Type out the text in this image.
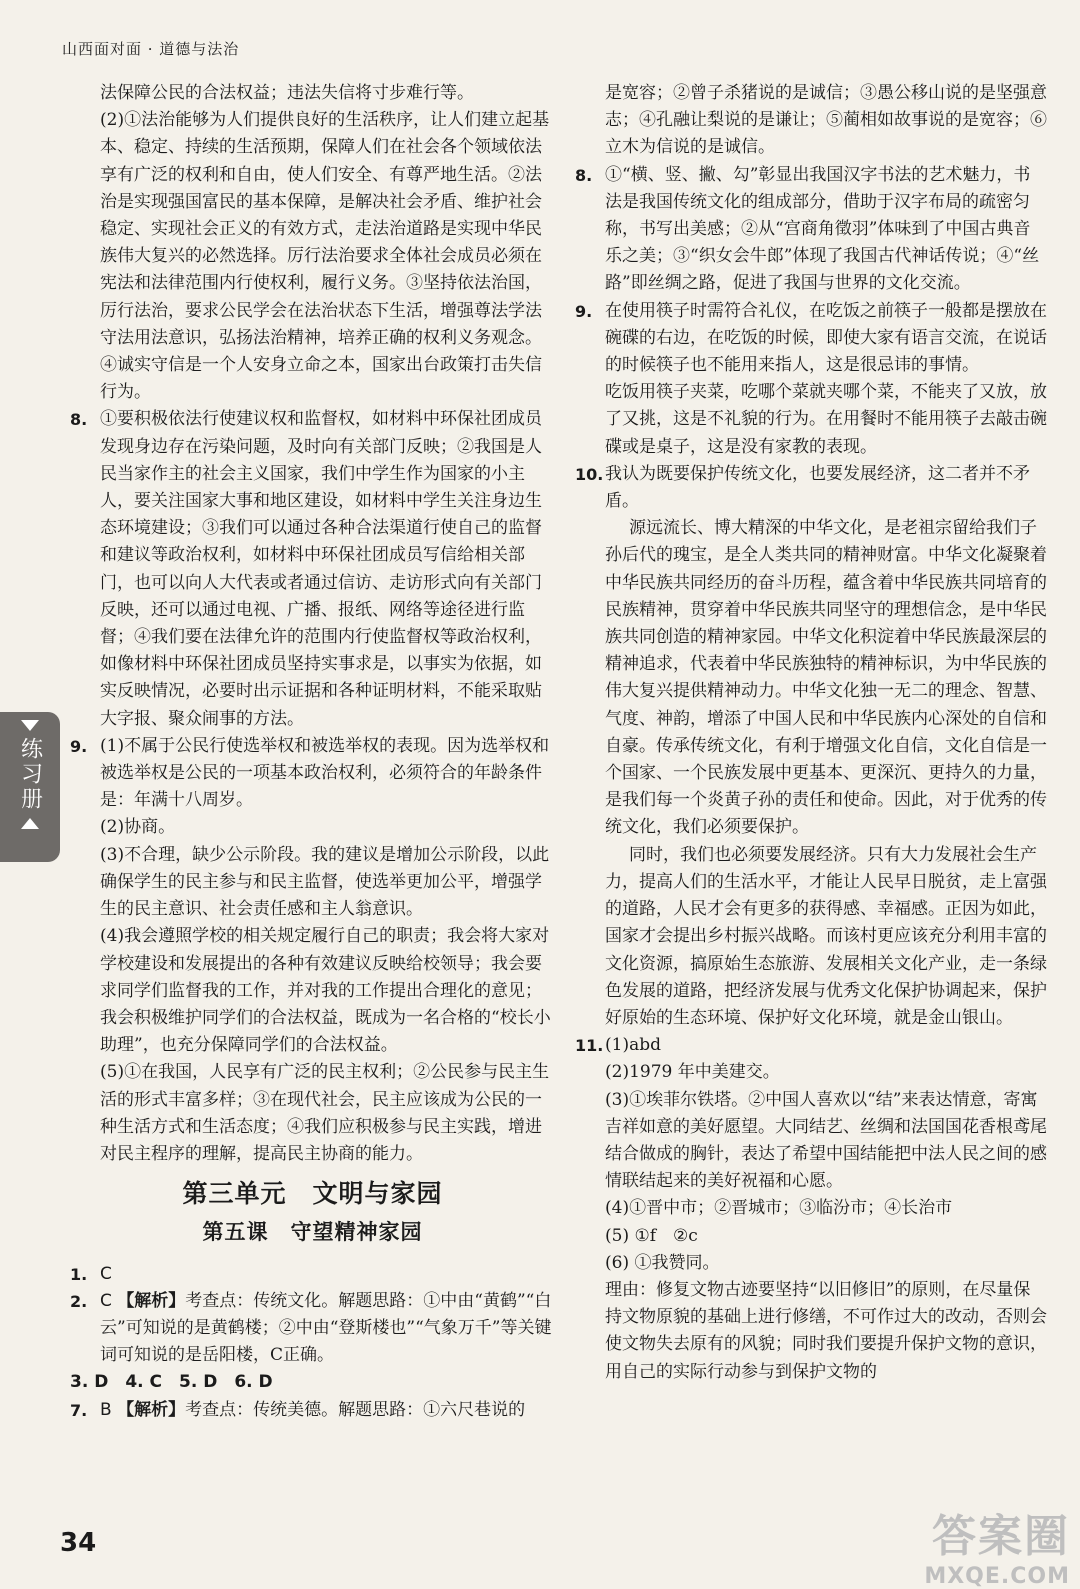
山西面对面 · 道德与法治

法保障公民的合法权益；违法失信将寸步难行等。

(2)①法治能够为人们提供良好的生活秩序，让人们建立起基本、稳定、持续的生活预期，保障人们在社会各个领域依法享有广泛的权利和自由，使人们安全、有尊严地生活。②法治是实现强国富民的基本保障，是解决社会矛盾、维护社会稳定、实现社会正义的有效方式，走法治道路是实现中华民族伟大复兴的必然选择。厉行法治要求全体社会成员必须在宪法和法律范围内行使权利，履行义务。③坚持依法治国，厉行法治，要求公民学会在法治状态下生活，增强尊法学法守法用法意识，弘扬法治精神，培养正确的权利义务观念。④诚实守信是一个人安身立命之本，国家出台政策打击失信行为。

8. ①要积极依法行使建议权和监督权，如材料中环保社团成员发现身边存在污染问题，及时向有关部门反映；②我国是人民当家作主的社会主义国家，我们中学生作为国家的小主人，要关注国家大事和地区建设，如材料中学生关注身边生态环境建设；③我们可以通过各种合法渠道行使自己的监督和建议等政治权利，如材料中环保社团成员写信给相关部门，也可以向人大代表或者通过信访、走访形式向有关部门反映，还可以通过电视、广播、报纸、网络等途径进行监督；④我们要在法律允许的范围内行使监督权等政治权利，如像材料中环保社团成员坚持实事求是，以事实为依据，如实反映情况，必要时出示证据和各种证明材料，不能采取贴大字报、聚众闹事的方法。
9. (1)不属于公民行使选举权和被选举权的表现。因为选举权和被选举权是公民的一项基本政治权利，必须符合的年龄条件是：年满十八周岁。
(2)协商。
(3)不合理，缺少公示阶段。我的建议是增加公示阶段，以此确保学生的民主参与和民主监督，使选举更加公平，增强学生的民主意识、社会责任感和主人翁意识。
(4)我会遵照学校的相关规定履行自己的职责；我会将大家对学校建设和发展提出的各种有效建议反映给校领导；我会要求同学们监督我的工作，并对我的工作提出合理化的意见；我会积极维护同学们的合法权益，既成为一名合格的“校长小助理”，也充分保障同学们的合法权益。
(5)①在我国，人民享有广泛的民主权利；②公民参与民主生活的形式丰富多样；③在现代社会，民主应该成为公民的一种生活方式和生活态度；④我们应积极参与民主实践，增进对民主程序的理解，提高民主协商的能力。
第三单元　文明与家园
第五课　守望精神家园
1. C
2. C 【解析】考查点：传统文化。解题思路：①中由“黄鹤”“白云”可知说的是黄鹤楼；②中由“登斯楼也”“气象万千”等关键词可知说的是岳阳楼，C正确。
3. D　4. C　5. D　6. D
7. B 【解析】考查点：传统美德。解题思路：①六尺巷说的

是宽容；②曾子杀猪说的是诚信；③愚公移山说的是坚强意志；④孔融让梨说的是谦让；⑤蔺相如故事说的是宽容；⑥立木为信说的是诚信。

8. ①“横、竖、撇、勾”彰显出我国汉字书法的艺术魅力，书法是我国传统文化的组成部分，借助于汉字布局的疏密匀称，书写出美感；②从“宫商角徵羽”体味到了中国古典音乐之美；③“织女会牛郎”体现了我国古代神话传说；④“丝路”即丝绸之路，促进了我国与世界的文化交流。
9. 在使用筷子时需符合礼仪，在吃饭之前筷子一般都是摆放在碗碟的右边，在吃饭的时候，即使大家有语言交流，在说话的时候筷子也不能用来指人，这是很忌讳的事情。
吃饭用筷子夹菜，吃哪个菜就夹哪个菜，不能夹了又放，放了又挑，这是不礼貌的行为。在用餐时不能用筷子去敲击碗碟或是桌子，这是没有家教的表现。
10. 我认为既要保护传统文化，也要发展经济，这二者并不矛盾。
源远流长、博大精深的中华文化，是老祖宗留给我们子孙后代的瑰宝，是全人类共同的精神财富。中华文化凝聚着中华民族共同经历的奋斗历程，蕴含着中华民族共同培育的民族精神，贯穿着中华民族共同坚守的理想信念，是中华民族共同创造的精神家园。中华文化积淀着中华民族最深层的精神追求，代表着中华民族独特的精神标识，为中华民族的伟大复兴提供精神动力。中华文化独一无二的理念、智慧、气度、神韵，增添了中国人民和中华民族内心深处的自信和自豪。传承传统文化，有利于增强文化自信，文化自信是一个国家、一个民族发展中更基本、更深沉、更持久的力量，是我们每一个炎黄子孙的责任和使命。因此，对于优秀的传统文化，我们必须要保护。
同时，我们也必须要发展经济。只有大力发展社会生产力，提高人们的生活水平，才能让人民早日脱贫，走上富强的道路，人民才会有更多的获得感、幸福感。正因为如此，国家才会提出乡村振兴战略。而该村更应该充分利用丰富的文化资源，搞原始生态旅游、发展相关文化产业，走一条绿色发展的道路，把经济发展与优秀文化保护协调起来，保护好原始的生态环境、保护好文化环境，就是金山银山。
11. (1)abd
(2)1979 年中美建交。
(3)①埃菲尔铁塔。②中国人喜欢以“结”来表达情意，寄寓吉祥如意的美好愿望。大同结艺、丝绸和法国国花香根鸢尾结合做成的胸针，表达了希望中国结能把中法人民之间的感情联结起来的美好祝福和心愿。
(4)①晋中市；②晋城市；③临汾市；④长治市
(5) ①f　②c
(6) ①我赞同。
理由：修复文物古迹要坚持“以旧修旧”的原则，在尽量保持文物原貌的基础上进行修缮，不可作过大的改动，否则会使文物失去原有的风貌；同时我们要提升保护文物的意识，用自己的实际行动参与到保护文物的
练习册
34	答案圈
MXQE.COM
